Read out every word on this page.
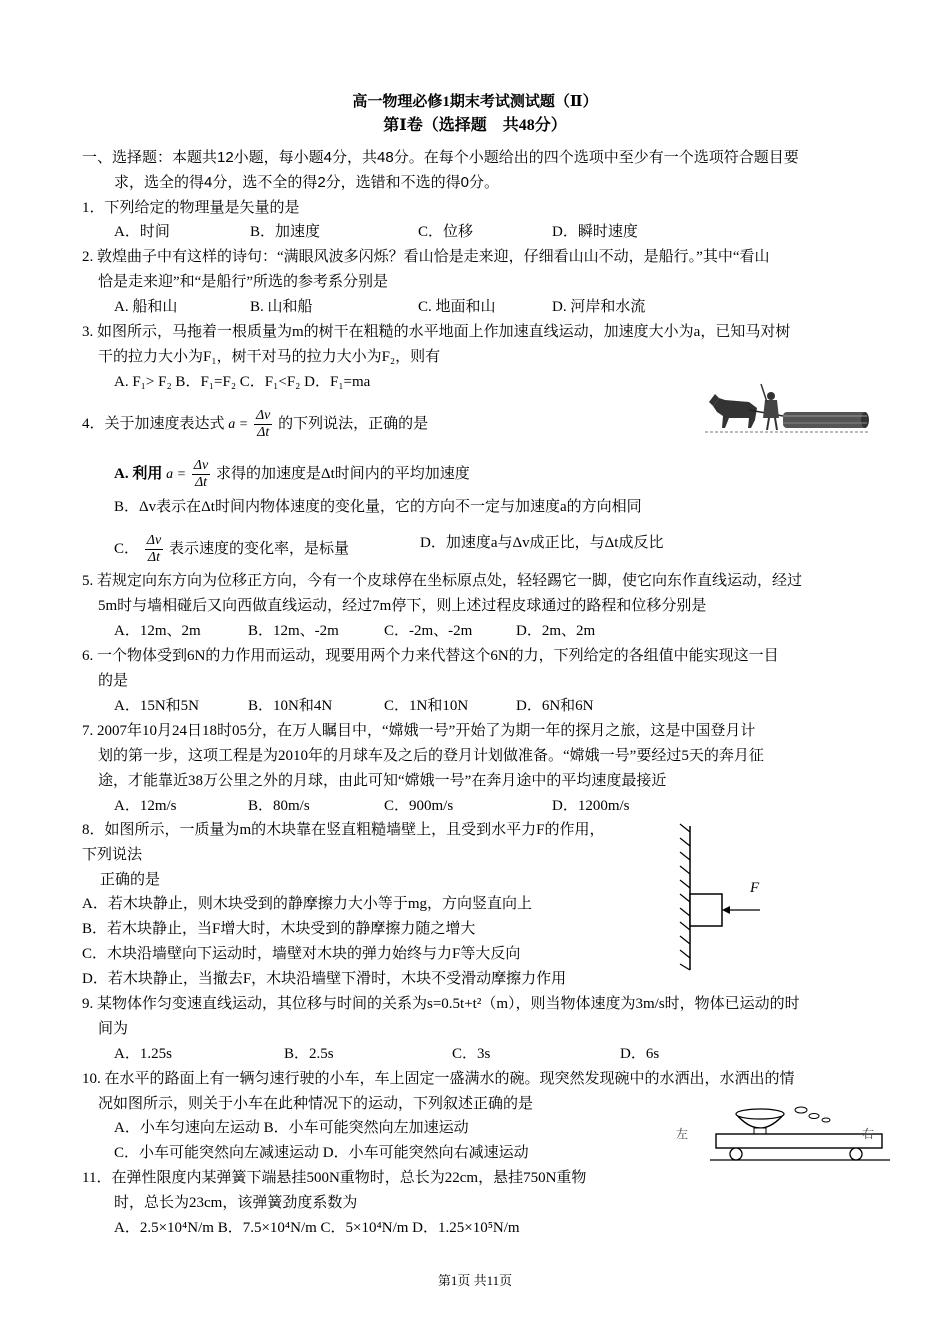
高一物理必修1期末考试测试题（Ⅱ）
第Ⅰ卷（选择题　共48分）
一、选择题：本题共12小题，每小题4分，共48分。在每个小题给出的四个选项中至少有一个选项符合题目要
求，选全的得4分，选不全的得2分，选错和不选的得0分。
1．下列给定的物理量是矢量的是
A．时间	B．加速度	C．位移	D．瞬时速度
2. 敦煌曲子中有这样的诗句：“满眼风波多闪烁？看山恰是走来迎，仔细看山山不动，是船行。”其中“看山
恰是走来迎”和“是船行”所选的参考系分别是
A. 船和山	B. 山和船	C. 地面和山	D. 河岸和水流
3. 如图所示，马拖着一根质量为m的树干在粗糙的水平地面上作加速直线运动，加速度大小为a，已知马对树
干的拉力大小为F₁，树干对马的拉力大小为F₂，则有
A. F₁> F₂ B．F₁=F₂ C．F₁<F₂ D．F₁=ma
4．关于加速度表达式 $a = \frac{\Delta v}{\Delta t}$ 的下列说法，正确的是
A. 利用 $a = \frac{\Delta v}{\Delta t}$ 求得的加速度是Δt时间内的平均加速度
B．Δv表示在Δt时间内物体速度的变化量，它的方向不一定与加速度a的方向相同
C． $\frac{\Delta v}{\Delta t}$ 表示速度的变化率，是标量	D．加速度a与Δv成正比，与Δt成反比
5. 若规定向东方向为位移正方向，今有一个皮球停在坐标原点处，轻轻踢它一脚，使它向东作直线运动，经过
5m时与墙相碰后又向西做直线运动，经过7m停下，则上述过程皮球通过的路程和位移分别是
A．12m、2m	B．12m、-2m	C．-2m、-2m	D．2m、2m
6. 一个物体受到6N的力作用而运动，现要用两个力来代替这个6N的力，下列给定的各组值中能实现这一目
的是
A．15N和5N	B．10N和4N	C．1N和10N	D．6N和6N
7. 2007年10月24日18时05分，在万人瞩目中，“嫦娥一号”开始了为期一年的探月之旅，这是中国登月计
划的第一步，这项工程是为2010年的月球车及之后的登月计划做准备。“嫦娥一号”要经过5天的奔月征
途，才能靠近38万公里之外的月球，由此可知“嫦娥一号”在奔月途中的平均速度最接近
A．12m/s	B．80m/s	C．900m/s	D．1200m/s
8．如图所示，一质量为m的木块靠在竖直粗糙墙壁上，且受到水平力F的作用，
下列说法
正确的是
A．若木块静止，则木块受到的静摩擦力大小等于mg，方向竖直向上
B．若木块静止，当F增大时，木块受到的静摩擦力随之增大
C．木块沿墙壁向下运动时，墙壁对木块的弹力始终与力F等大反向
D．若木块静止，当撤去F，木块沿墙壁下滑时，木块不受滑动摩擦力作用
F
9. 某物体作匀变速直线运动，其位移与时间的关系为s=0.5t+t²（m），则当物体速度为3m/s时，物体已运动的时
间为
A．1.25s	B．2.5s	C．3s	D．6s
10. 在水平的路面上有一辆匀速行驶的小车，车上固定一盛满水的碗。现突然发现碗中的水洒出，水洒出的情
况如图所示，则关于小车在此种情况下的运动，下列叙述正确的是
A．小车匀速向左运动 B．小车可能突然向左加速运动
C．小车可能突然向左减速运动 D．小车可能突然向右减速运动
左	右
11．在弹性限度内某弹簧下端悬挂500N重物时，总长为22cm，悬挂750N重物
时，总长为23cm，该弹簧劲度系数为
A．2.5×10⁴N/m B．7.5×10⁴N/m C．5×10⁴N/m D．1.25×10⁵N/m
第1页 共11页
